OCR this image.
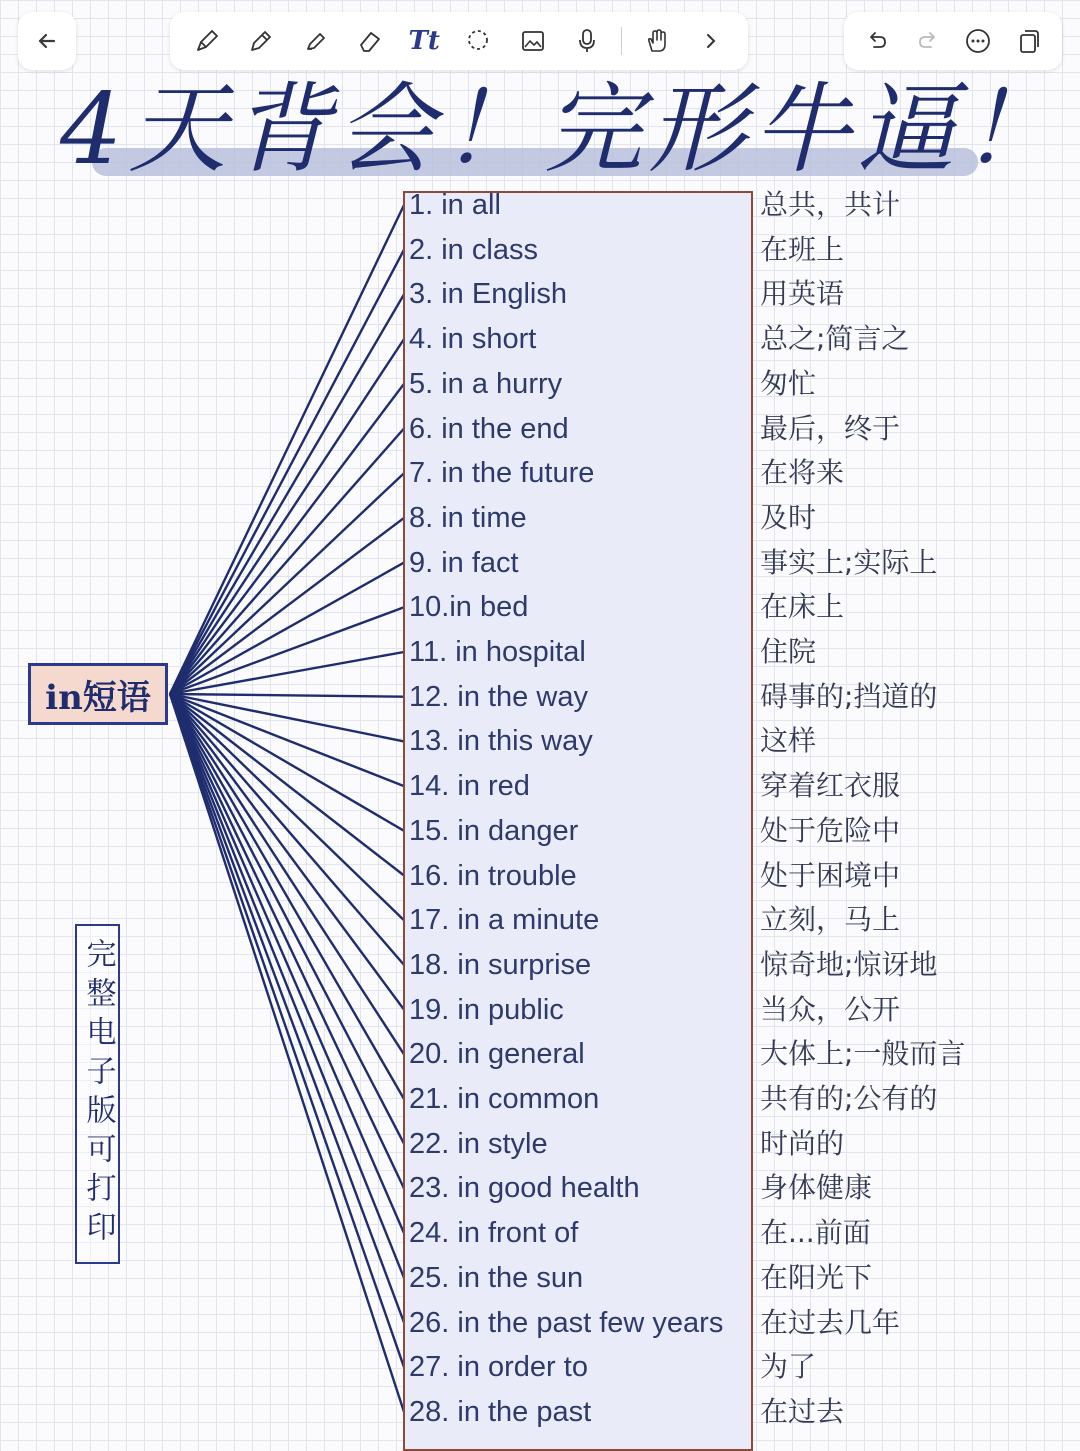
Tt
4天背会！完形牛逼！
1. in all	总共，共计
2. in class	在班上
3. in English	用英语
4. in short	总之;简言之
5. in a hurry	匆忙
6. in the end	最后，终于
7. in the future	在将来
8. in time	及时
9. in fact	事实上;实际上
10.in bed	在床上
11. in hospital	住院
12. in the way	碍事的;挡道的
13. in this way	这样
14. in red	穿着红衣服
15. in danger	处于危险中
16. in trouble	处于困境中
17. in a minute	立刻，马上
18. in surprise	惊奇地;惊讶地
19. in public	当众，公开
20. in general	大体上;一般而言
21. in common	共有的;公有的
22. in style	时尚的
23. in good health	身体健康
24. in front of	在...前面
25. in the sun	在阳光下
26. in the past few years 在过去几年
27. in order to	为了
28. in the past	在过去
in短语
完整电子版可打印
